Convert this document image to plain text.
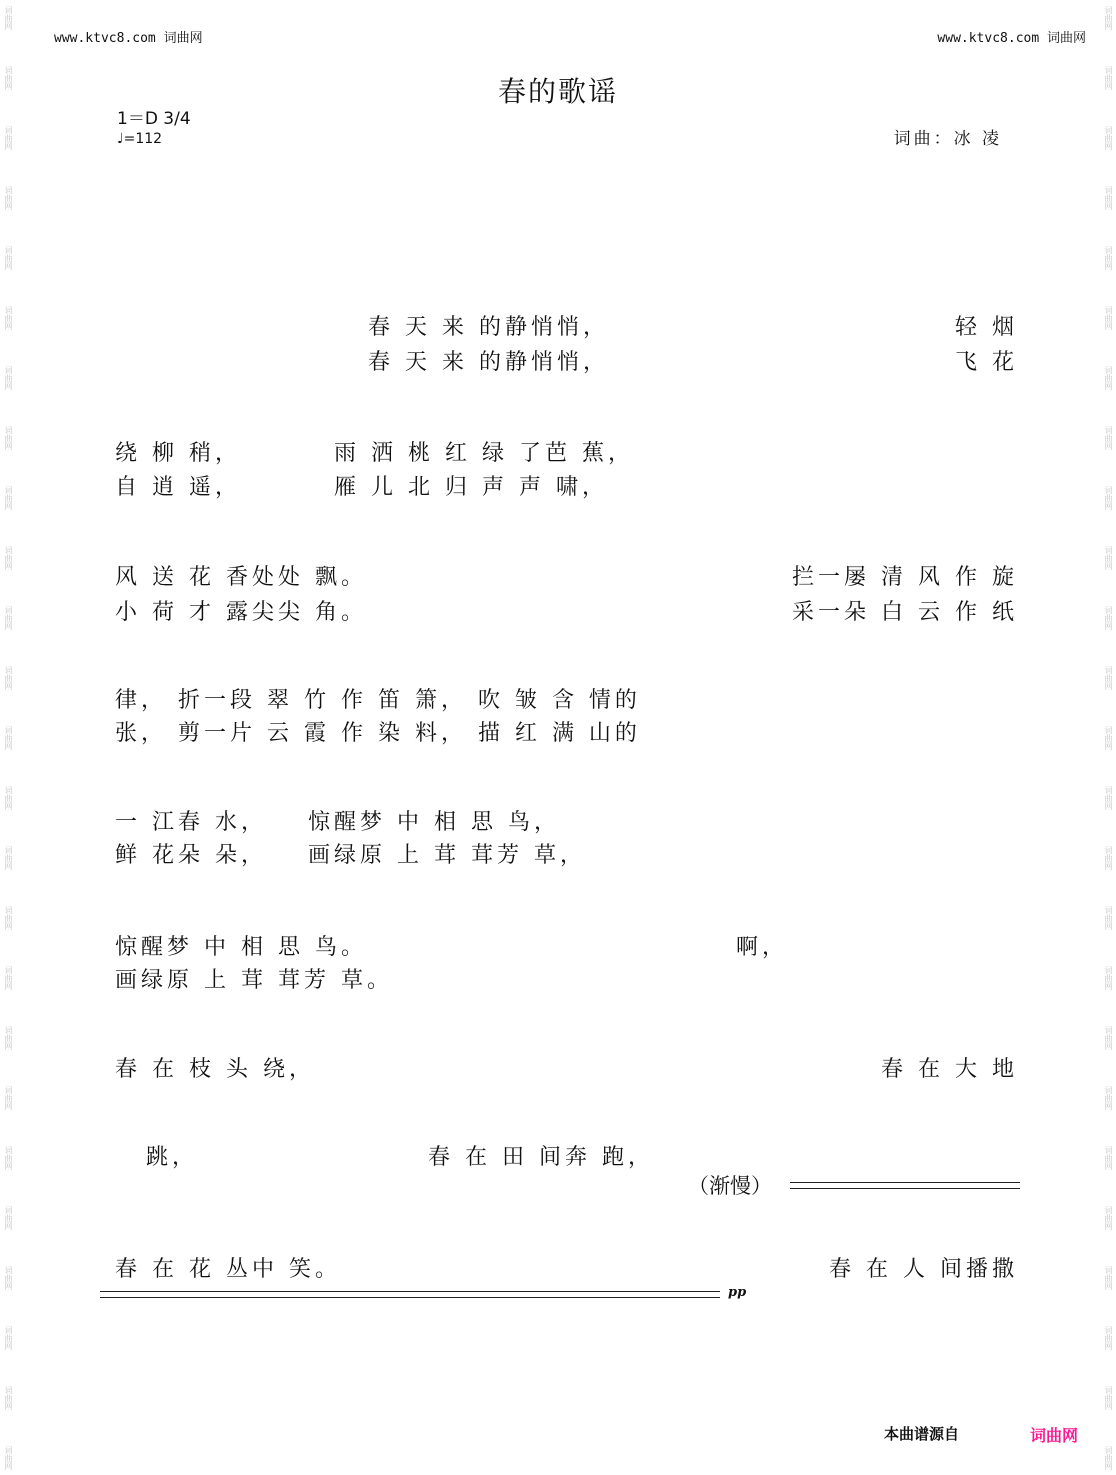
词曲网
词曲网
词曲网
词曲网
词曲网
词曲网
词曲网
词曲网
词曲网
词曲网
词曲网
词曲网
词曲网
词曲网
词曲网
词曲网
词曲网
词曲网
词曲网
词曲网
词曲网
词曲网
词曲网
词曲网
词曲网
词曲网
词曲网
词曲网
词曲网
词曲网
词曲网
词曲网
词曲网
词曲网
词曲网
词曲网
词曲网
词曲网
词曲网
词曲网
词曲网
词曲网
词曲网
词曲网
词曲网
词曲网
词曲网
词曲网
词曲网
词曲网
www.ktvc8.com 词曲网	www.ktvc8.com 词曲网
春的歌谣
1＝D 3/4
♩=112	词曲：冰 凌
春 天 来 的静悄悄，	轻 烟
春 天 来 的静悄悄，	飞 花
绕 柳 稍，　　　　雨 洒 桃 红 绿 了芭 蕉，
自 逍 遥，　　　　雁 儿 北 归 声 声 啸，
风 送 花 香处处 飘。	拦一屡 清 风 作 旋
小 荷 才 露尖尖 角。	采一朵 白 云 作 纸
律， 折一段 翠 竹 作 笛 箫， 吹 皱 含 情的
张， 剪一片 云 霞 作 染 料， 描 红 满 山的
一 江春 水，　　惊醒梦 中 相 思 鸟，
鲜 花朵 朵，　　画绿原 上 茸 茸芳 草，
惊醒梦 中 相 思 鸟。	啊，
画绿原 上 茸 茸芳 草。
春 在 枝 头 绕，	春 在 大 地
跳，	春 在 田 间奔 跑，
（渐慢）
春 在 花 丛中 笑。	春 在 人 间播撒
pp
本曲谱源自	词曲网
